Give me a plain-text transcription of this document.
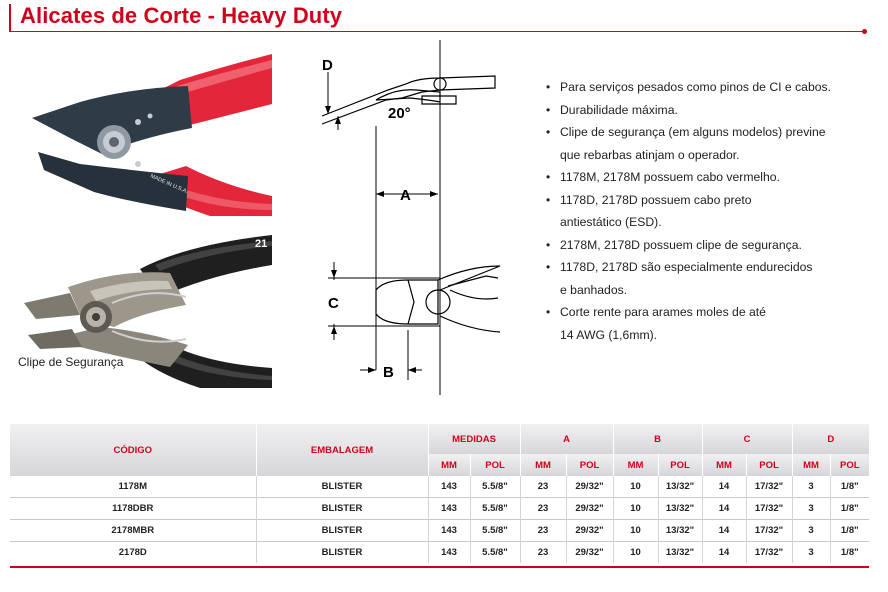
Alicates de Corte - Heavy Duty
MADE IN U.S.A.
21
Clipe de Segurança
D
20°
A
C
B
• Para serviços pesados como pinos de CI e cabos.
• Durabilidade máxima.
• Clipe de segurança (em alguns modelos) previne
que rebarbas atinjam o operador.
• 1178M, 2178M possuem cabo vermelho.
• 1178D, 2178D possuem cabo preto
antiestático (ESD).
• 2178M, 2178D possuem clipe de segurança.
• 1178D, 2178D são especialmente endurecidos
e banhados.
• Corte rente para arames moles de até
14 AWG (1,6mm).
CÓDIGO	EMBALAGEM	MEDIDAS		A		B		C		D	
		MM	POL	MM	POL	MM	POL	MM	POL	MM	POL
1178M	BLISTER	143	5.5/8"	23	29/32"	10	13/32"	14	17/32"	3	1/8"
1178DBR	BLISTER	143	5.5/8"	23	29/32"	10	13/32"	14	17/32"	3	1/8"
2178MBR	BLISTER	143	5.5/8"	23	29/32"	10	13/32"	14	17/32"	3	1/8"
2178D	BLISTER	143	5.5/8"	23	29/32"	10	13/32"	14	17/32"	3	1/8"
